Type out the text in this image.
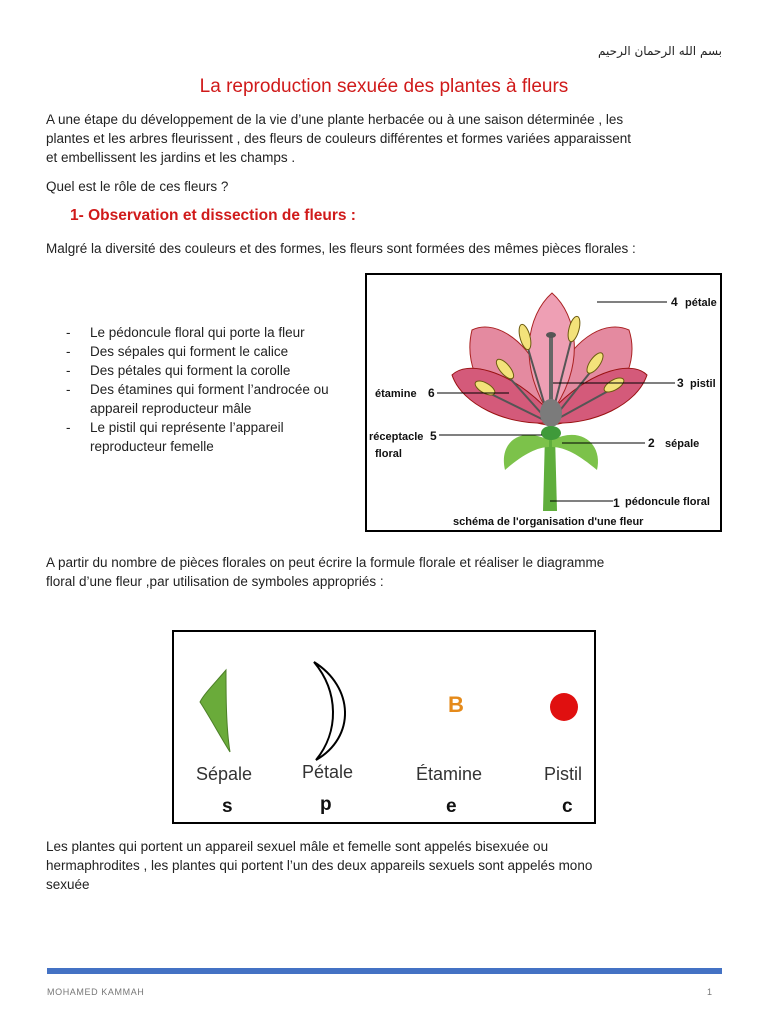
بسم الله الرحمان الرحيم
La reproduction sexuée des plantes à fleurs
A une étape du développement de la vie d’une plante herbacée ou à une saison déterminée , les
plantes et les arbres fleurissent , des fleurs de couleurs différentes et formes variées apparaissent
et embellissent les jardins et les champs .
Quel est le rôle de ces fleurs ?
1- Observation et dissection de fleurs :
Malgré la diversité des couleurs et des formes, les fleurs sont formées des mêmes pièces florales :
- Le pédoncule floral qui porte la fleur
- Des sépales qui forment le calice
- Des pétales qui forment la corolle
- Des étamines qui forment l’androcée ou appareil reproducteur mâle
- Le pistil qui représente l’appareil reproducteur femelle
4 pétale
3 pistil
2 sépale
1 pédoncule floral
étamine 6
réceptacle 5
floral
schéma de l'organisation d'une fleur
A partir du nombre de pièces florales on peut écrire la formule florale et réaliser le diagramme
floral d’une fleur ,par utilisation de symboles appropriés :
B
Sépale	Pétale	Étamine	Pistil
s	p	e	c
Les plantes qui portent un appareil sexuel mâle et femelle sont appelés bisexuée ou
hermaphrodites , les plantes qui portent l’un des deux appareils sexuels sont appelés mono
sexuée
MOHAMED KAMMAH	1
